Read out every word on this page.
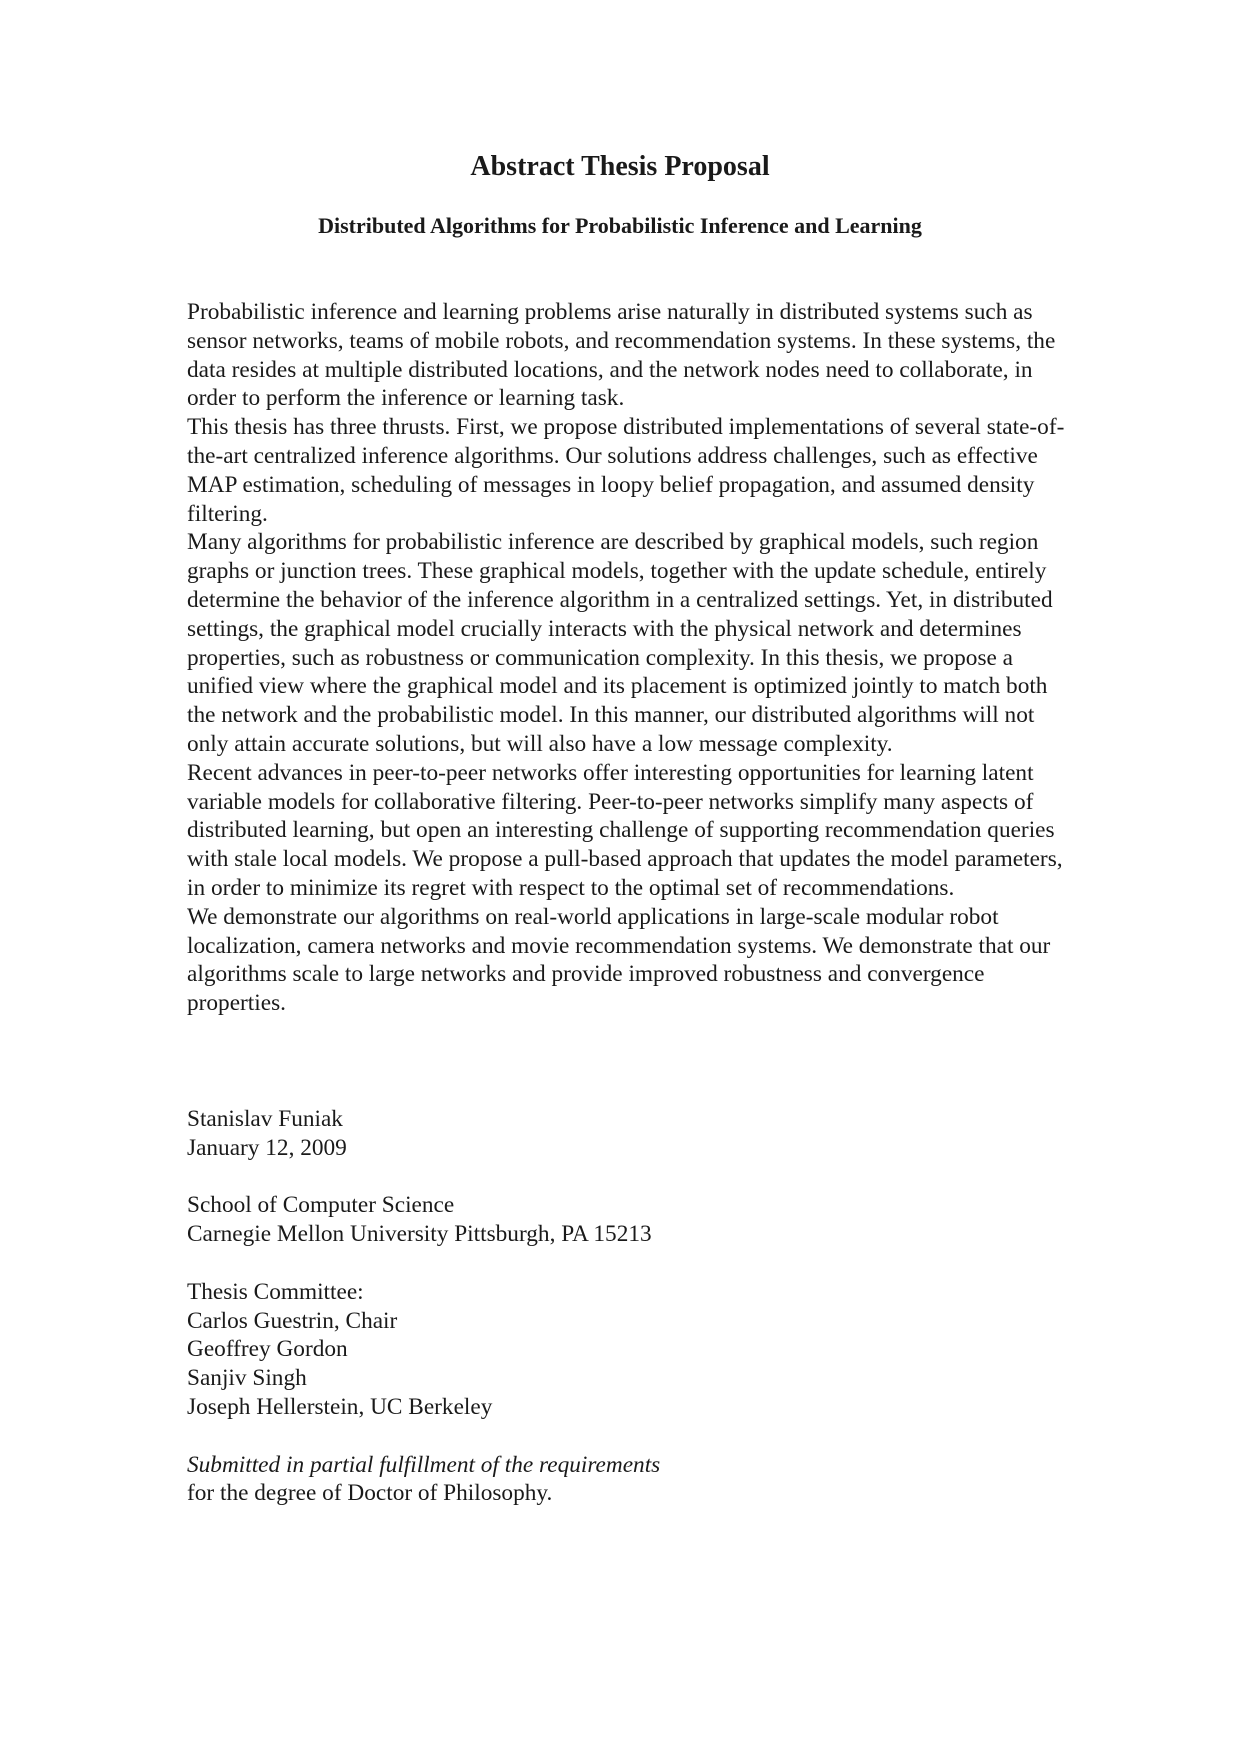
Abstract Thesis Proposal
Distributed Algorithms for Probabilistic Inference and Learning

Probabilistic inference and learning problems arise naturally in distributed systems such as sensor networks, teams of mobile robots, and recommendation systems. In these systems, the data resides at multiple distributed locations, and the network nodes need to collaborate, in order to perform the inference or learning task.

This thesis has three thrusts. First, we propose distributed implementations of several state-of-the-art centralized inference algorithms. Our solutions address challenges, such as effective MAP estimation, scheduling of messages in loopy belief propagation, and assumed density filtering.

Many algorithms for probabilistic inference are described by graphical models, such region graphs or junction trees. These graphical models, together with the update schedule, entirely determine the behavior of the inference algorithm in a centralized settings. Yet, in distributed settings, the graphical model crucially interacts with the physical network and determines properties, such as robustness or communication complexity. In this thesis, we propose a unified view where the graphical model and its placement is optimized jointly to match both the network and the probabilistic model. In this manner, our distributed algorithms will not only attain accurate solutions, but will also have a low message complexity.

Recent advances in peer-to-peer networks offer interesting opportunities for learning latent variable models for collaborative filtering. Peer-to-peer networks simplify many aspects of distributed learning, but open an interesting challenge of supporting recommendation queries with stale local models. We propose a pull-based approach that updates the model parameters, in order to minimize its regret with respect to the optimal set of recommendations.

We demonstrate our algorithms on real-world applications in large-scale modular robot localization, camera networks and movie recommendation systems. We demonstrate that our algorithms scale to large networks and provide improved robustness and convergence properties.

Stanislav Funiak
January 12, 2009
School of Computer Science
Carnegie Mellon University Pittsburgh, PA 15213
Thesis Committee:
Carlos Guestrin, Chair
Geoffrey Gordon
Sanjiv Singh
Joseph Hellerstein, UC Berkeley
Submitted in partial fulfillment of the requirements
for the degree of Doctor of Philosophy.
